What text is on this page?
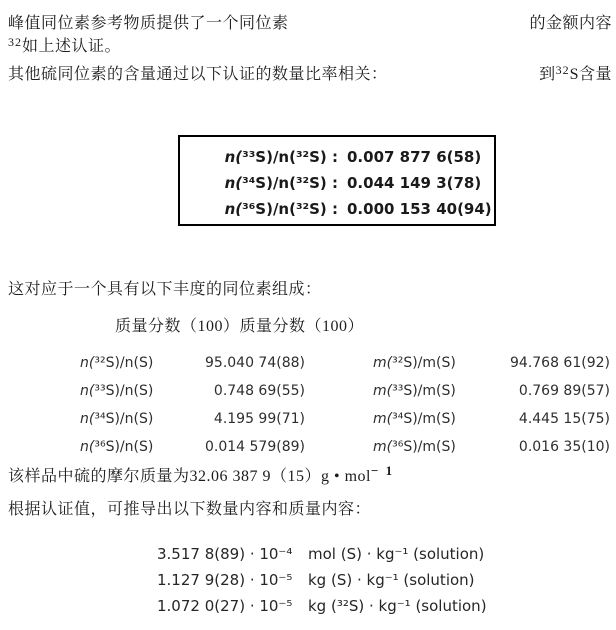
峰值同位素参考物质提供了一个同位素	的金额内容
$^{32}$如上述认证。
其他硫同位素的含量通过以下认证的数量比率相关：	到$^{32}$S含量
n(³³S)/n(³²S) : 0.007 877 6(58)
n(³⁴S)/n(³²S) : 0.044 149 3(78)
n(³⁶S)/n(³²S) : 0.000 153 40(94)
这对应于一个具有以下丰度的同位素组成：
质量分数（100）质量分数（100）
n(³²S)/n(S)	95.040 74(88)	m(³²S)/m(S)	94.768 61(92)
n(³³S)/n(S)	0.748 69(55)	m(³³S)/m(S)	0.769 89(57)
n(³⁴S)/n(S)	4.195 99(71)	m(³⁴S)/m(S)	4.445 15(75)
n(³⁶S)/n(S)	0.014 579(89)	m(³⁶S)/m(S)	0.016 35(10)
该样品中硫的摩尔质量为32.06 387 9（15）g • mol$^{- 1}$
根据认证值，可推导出以下数量内容和质量内容：
3.517 8(89) · 10⁻⁴	mol (S) · kg⁻¹ (solution)
1.127 9(28) · 10⁻⁵	kg (S) · kg⁻¹ (solution)
1.072 0(27) · 10⁻⁵	kg (³²S) · kg⁻¹ (solution)
